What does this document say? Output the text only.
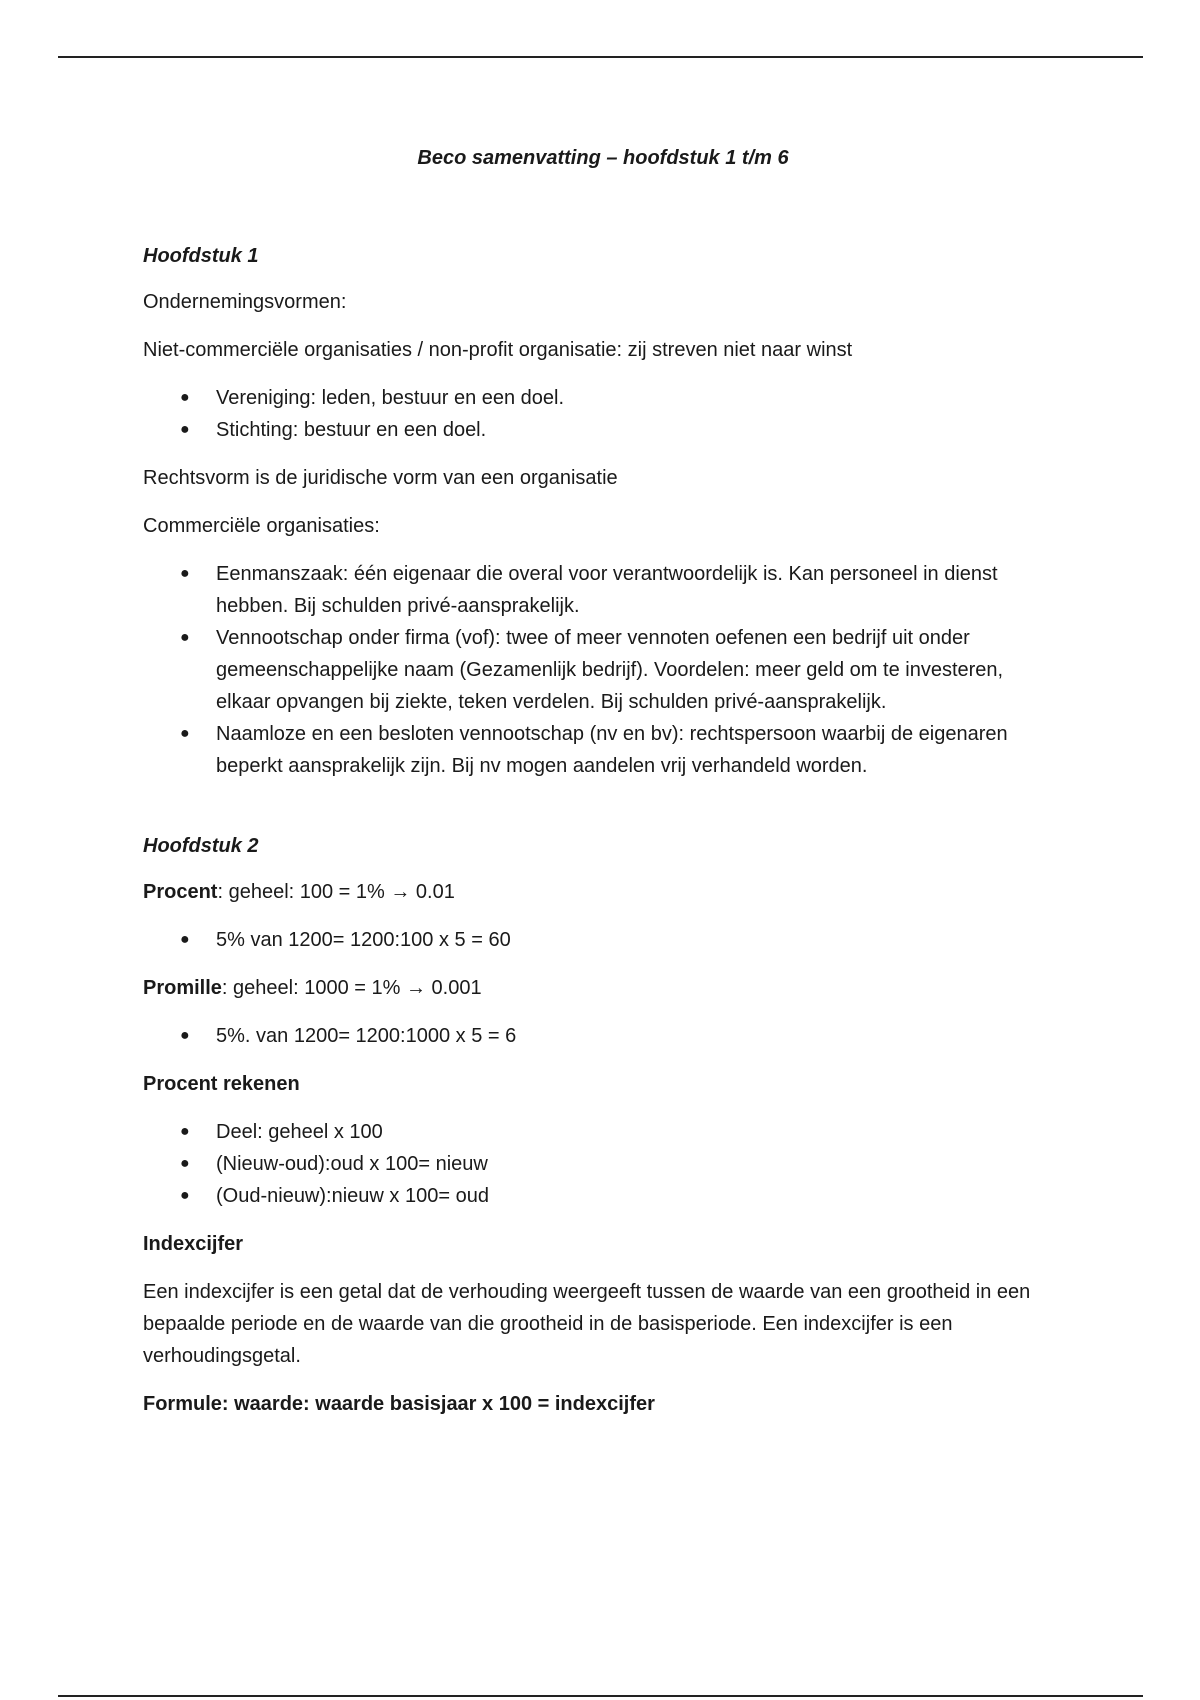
Beco samenvatting – hoofdstuk 1 t/m 6
Hoofdstuk 1

Ondernemingsvormen:

Niet-commerciële organisaties / non-profit organisatie: zij streven niet naar winst

● Vereniging: leden, bestuur en een doel.
● Stichting: bestuur en een doel.

Rechtsvorm is de juridische vorm van een organisatie

Commerciële organisaties:

● Eenmanszaak: één eigenaar die overal voor verantwoordelijk is. Kan personeel in dienst hebben. Bij schulden privé-aansprakelijk.
● Vennootschap onder firma (vof): twee of meer vennoten oefenen een bedrijf uit onder gemeenschappelijke naam (Gezamenlijk bedrijf). Voordelen: meer geld om te investeren, elkaar opvangen bij ziekte, teken verdelen. Bij schulden privé-aansprakelijk.
● Naamloze en een besloten vennootschap (nv en bv): rechtspersoon waarbij de eigenaren beperkt aansprakelijk zijn. Bij nv mogen aandelen vrij verhandeld worden.
Hoofdstuk 2

Procent: geheel: 100 = 1% → 0.01

● 5% van 1200= 1200:100 x 5 = 60

Promille: geheel: 1000 = 1% → 0.001

● 5%. van 1200= 1200:1000 x 5 = 6

Procent rekenen

● Deel: geheel x 100
● (Nieuw-oud):oud x 100= nieuw
● (Oud-nieuw):nieuw x 100= oud

Indexcijfer

Een indexcijfer is een getal dat de verhouding weergeeft tussen de waarde van een grootheid in een bepaalde periode en de waarde van die grootheid in de basisperiode. Een indexcijfer is een verhoudingsgetal.

Formule: waarde: waarde basisjaar x 100 = indexcijfer
